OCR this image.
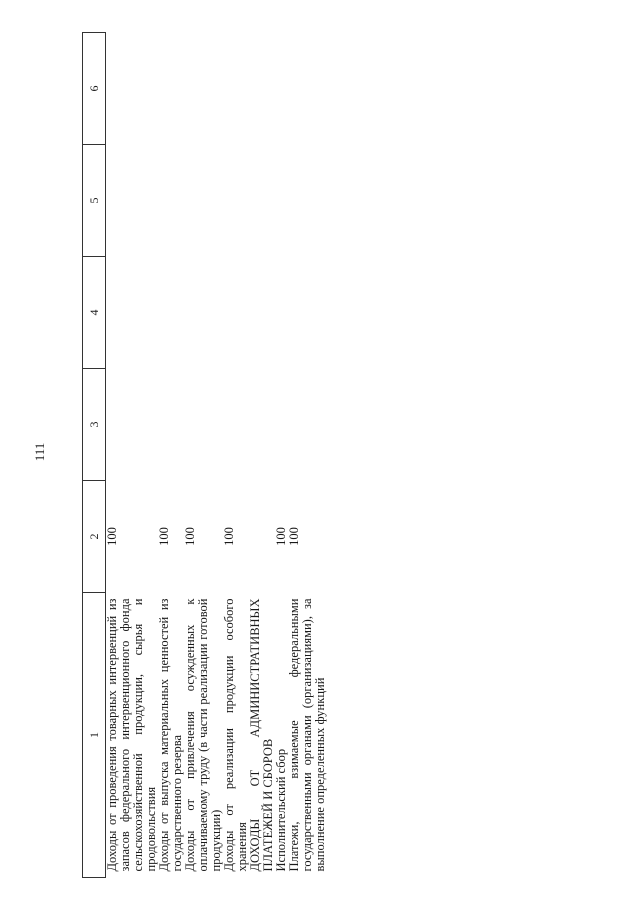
111
1	2	3	4	5	6
Доходы от проведения товарных интервенций из запасов федерального интервенционного фонда сельскохозяйственной продукции, сырья и продовольствия	100				
Доходы от выпуска материальных ценностей из государственного резерва	100				
Доходы от привлечения осужденных к оплачиваемому труду (в части реализации готовой продукции)	100				
Доходы от реализации продукции особого хранения	100				
ДОХОДЫ ОТ АДМИНИСТРАТИВНЫХ ПЛАТЕЖЕЙ И СБОРОВ					
Исполнительский сбор	100				
Платежи, взимаемые федеральными государственными органами (организациями), за выполнение определенных функций	100				
